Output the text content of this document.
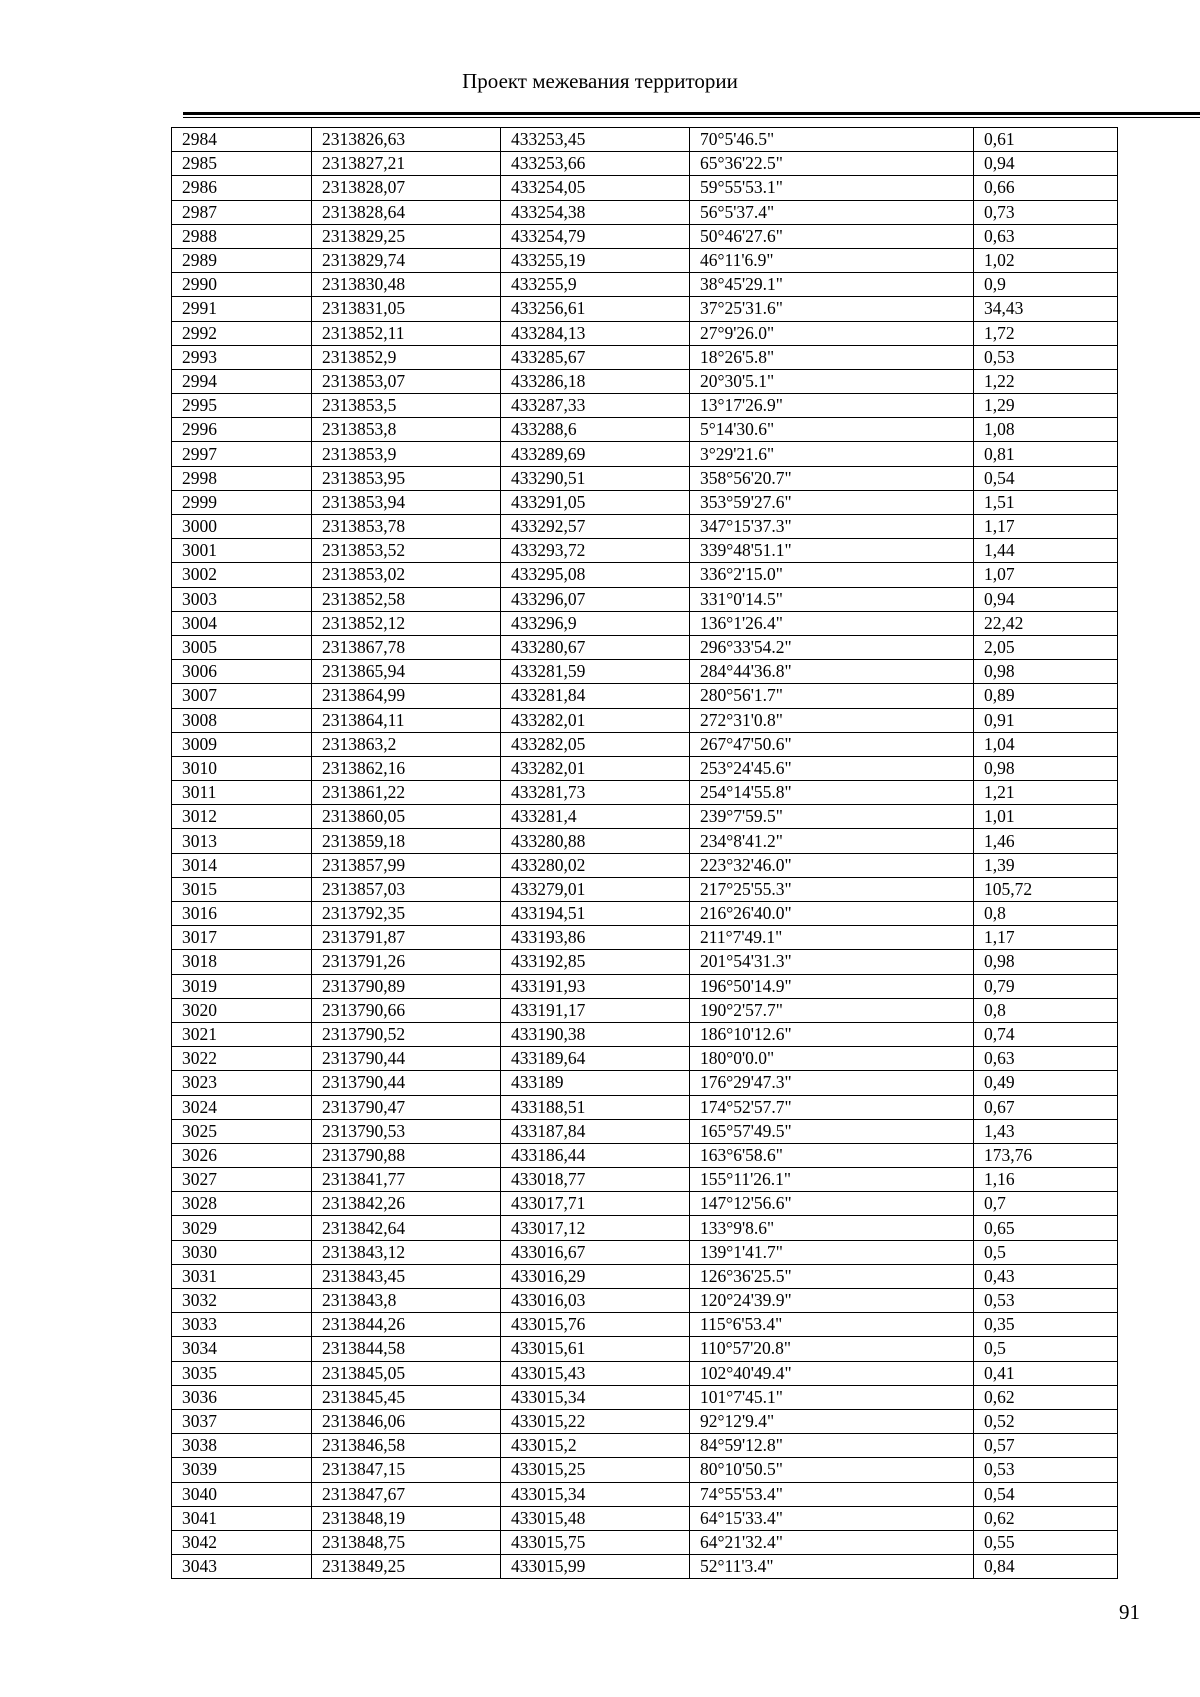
Проект межевания территории
2984	2313826,63	433253,45	70°5'46.5"	0,61
2985	2313827,21	433253,66	65°36'22.5"	0,94
2986	2313828,07	433254,05	59°55'53.1"	0,66
2987	2313828,64	433254,38	56°5'37.4"	0,73
2988	2313829,25	433254,79	50°46'27.6"	0,63
2989	2313829,74	433255,19	46°11'6.9"	1,02
2990	2313830,48	433255,9	38°45'29.1"	0,9
2991	2313831,05	433256,61	37°25'31.6"	34,43
2992	2313852,11	433284,13	27°9'26.0"	1,72
2993	2313852,9	433285,67	18°26'5.8"	0,53
2994	2313853,07	433286,18	20°30'5.1"	1,22
2995	2313853,5	433287,33	13°17'26.9"	1,29
2996	2313853,8	433288,6	5°14'30.6"	1,08
2997	2313853,9	433289,69	3°29'21.6"	0,81
2998	2313853,95	433290,51	358°56'20.7"	0,54
2999	2313853,94	433291,05	353°59'27.6"	1,51
3000	2313853,78	433292,57	347°15'37.3"	1,17
3001	2313853,52	433293,72	339°48'51.1"	1,44
3002	2313853,02	433295,08	336°2'15.0"	1,07
3003	2313852,58	433296,07	331°0'14.5"	0,94
3004	2313852,12	433296,9	136°1'26.4"	22,42
3005	2313867,78	433280,67	296°33'54.2"	2,05
3006	2313865,94	433281,59	284°44'36.8"	0,98
3007	2313864,99	433281,84	280°56'1.7"	0,89
3008	2313864,11	433282,01	272°31'0.8"	0,91
3009	2313863,2	433282,05	267°47'50.6"	1,04
3010	2313862,16	433282,01	253°24'45.6"	0,98
3011	2313861,22	433281,73	254°14'55.8"	1,21
3012	2313860,05	433281,4	239°7'59.5"	1,01
3013	2313859,18	433280,88	234°8'41.2"	1,46
3014	2313857,99	433280,02	223°32'46.0"	1,39
3015	2313857,03	433279,01	217°25'55.3"	105,72
3016	2313792,35	433194,51	216°26'40.0"	0,8
3017	2313791,87	433193,86	211°7'49.1"	1,17
3018	2313791,26	433192,85	201°54'31.3"	0,98
3019	2313790,89	433191,93	196°50'14.9"	0,79
3020	2313790,66	433191,17	190°2'57.7"	0,8
3021	2313790,52	433190,38	186°10'12.6"	0,74
3022	2313790,44	433189,64	180°0'0.0"	0,63
3023	2313790,44	433189	176°29'47.3"	0,49
3024	2313790,47	433188,51	174°52'57.7"	0,67
3025	2313790,53	433187,84	165°57'49.5"	1,43
3026	2313790,88	433186,44	163°6'58.6"	173,76
3027	2313841,77	433018,77	155°11'26.1"	1,16
3028	2313842,26	433017,71	147°12'56.6"	0,7
3029	2313842,64	433017,12	133°9'8.6"	0,65
3030	2313843,12	433016,67	139°1'41.7"	0,5
3031	2313843,45	433016,29	126°36'25.5"	0,43
3032	2313843,8	433016,03	120°24'39.9"	0,53
3033	2313844,26	433015,76	115°6'53.4"	0,35
3034	2313844,58	433015,61	110°57'20.8"	0,5
3035	2313845,05	433015,43	102°40'49.4"	0,41
3036	2313845,45	433015,34	101°7'45.1"	0,62
3037	2313846,06	433015,22	92°12'9.4"	0,52
3038	2313846,58	433015,2	84°59'12.8"	0,57
3039	2313847,15	433015,25	80°10'50.5"	0,53
3040	2313847,67	433015,34	74°55'53.4"	0,54
3041	2313848,19	433015,48	64°15'33.4"	0,62
3042	2313848,75	433015,75	64°21'32.4"	0,55
3043	2313849,25	433015,99	52°11'3.4"	0,84
91
